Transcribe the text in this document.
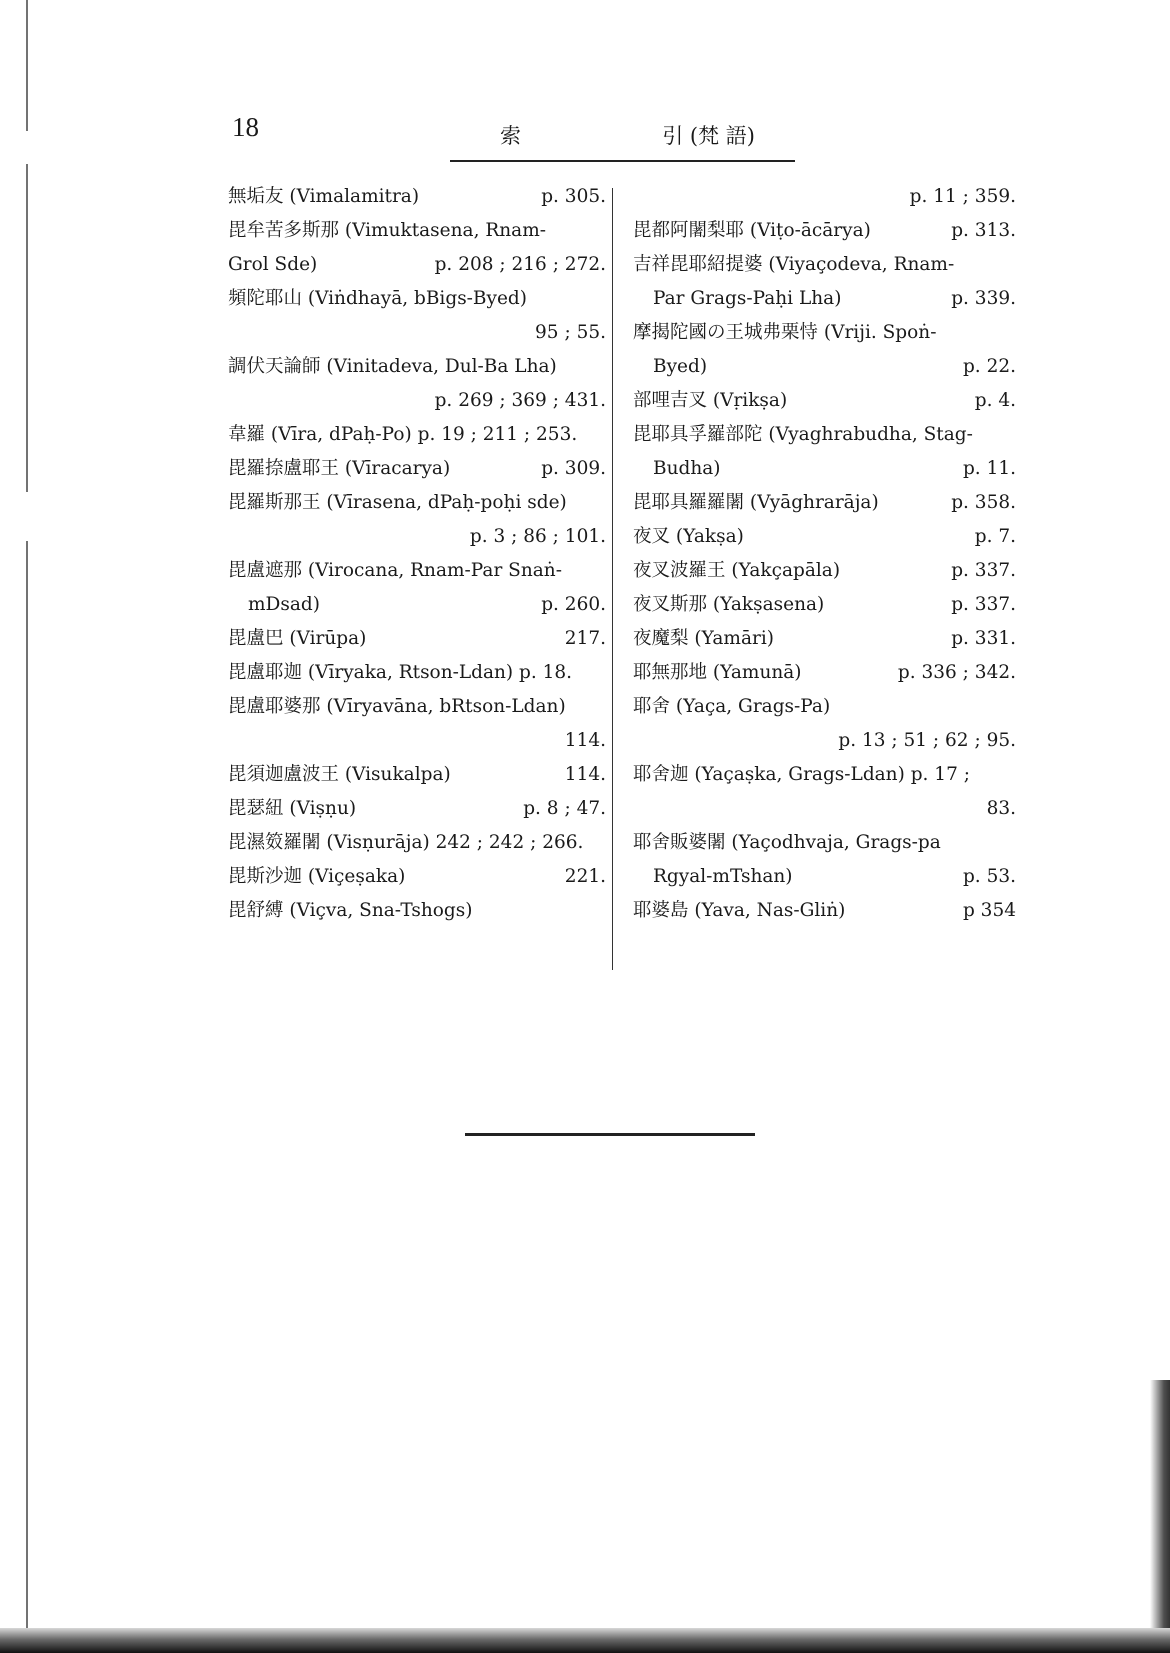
18	索	引 (梵 語)
無垢友 (Vimalamitra)	p. 305.
毘牟苦多斯那 (Vimuktasena, Rnam-
Grol Sde)	p. 208 ; 216 ; 272.
頻陀耶山 (Viṅdhayā, bBigs-Byed)
95 ; 55.
調伏天論師 (Vinitadeva, Dul-Ba Lha)
p. 269 ; 369 ; 431.
韋羅 (Vīra, dPaḥ-Po) p. 19 ; 211 ; 253.
毘羅捺盧耶王 (Vīracarya)	p. 309.
毘羅斯那王 (Vīrasena, dPaḥ-poḥi sde)
p. 3 ; 86 ; 101.
毘盧遮那 (Virocana, Rnam-Par Snaṅ-
mDsad)	p. 260.
毘盧巴 (Virūpa)	217.
毘盧耶迦 (Vīryaka, Rtson-Ldan) p. 18.
毘盧耶婆那 (Vīryavāna, bRtson-Ldan)
114.
毘須迦盧波王 (Visukalpa)	114.
毘瑟紐 (Viṣṇu)	p. 8 ; 47.
毘濕笯羅闍 (Visṇurāja) 242 ; 242 ; 266.
毘斯沙迦 (Viçeṣaka)	221.
毘舒縛 (Viçva, Sna-Tshogs)
p. 11 ; 359.
毘都阿闍梨耶 (Viṭo-ācārya)	p. 313.
吉祥毘耶紹提婆 (Viyaçodeva, Rnam-
Par Grags-Paḥi Lha)	p. 339.
摩揭陀國の王城弗栗恃 (Vriji. Spoṅ-
Byed)	p. 22.
部哩吉叉 (Vṛikṣa)	p. 4.
毘耶具孚羅部陀 (Vyaghrabudha, Stag-
Budha)	p. 11.
毘耶具羅羅闍 (Vyāghrarāja)	p. 358.
夜叉 (Yakṣa)	p. 7.
夜叉波羅王 (Yakçapāla)	p. 337.
夜叉斯那 (Yakṣasena)	p. 337.
夜魔梨 (Yamāri)	p. 331.
耶無那地 (Yamunā)	p. 336 ; 342.
耶舍 (Yaça, Grags-Pa)
p. 13 ; 51 ; 62 ; 95.
耶舍迦 (Yaçaṣka, Grags-Ldan) p. 17 ;
83.
耶舍販婆闍 (Yaçodhvaja, Grags-pa
Rgyal-mTshan)	p. 53.
耶婆島 (Yava, Nas-Gliṅ)	p 354
